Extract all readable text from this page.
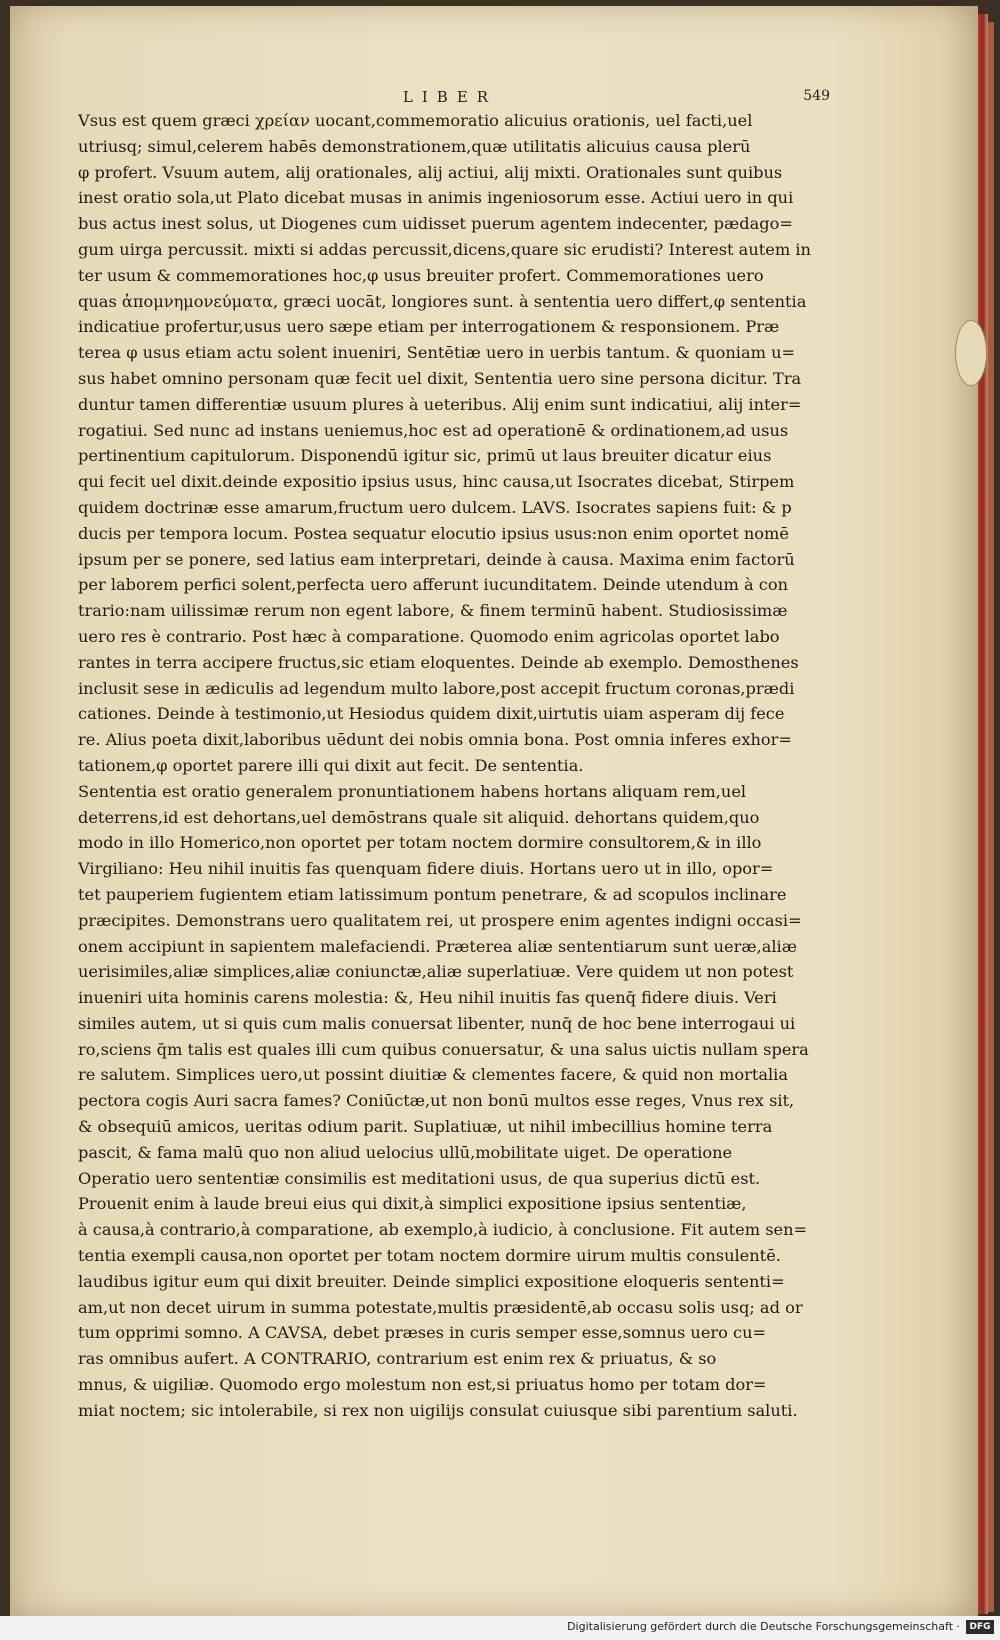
LIBER	549
Vsus est quem græci χρείαν uocant,commemoratio alicuius orationis, uel facti,uel
utriusq; simul,celerem habēs demonstrationem,quæ utilitatis alicuius causa plerū
φ profert. Vsuum autem, alij orationales, alij actiui, alij mixti. Orationales sunt quibus
inest oratio sola,ut Plato dicebat musas in animis ingeniosorum esse. Actiui uero in qui
bus actus inest solus, ut Diogenes cum uidisset puerum agentem indecenter, pædago=
gum uirga percussit. mixti si addas percussit,dicens,quare sic erudisti? Interest autem in
ter usum & commemorationes hoc,φ usus breuiter profert. Commemorationes uero
quas ἀπομνημονεύματα, græci uocāt, longiores sunt. à sententia uero differt,φ sententia
indicatiue profertur,usus uero sæpe etiam per interrogationem & responsionem. Præ
terea φ usus etiam actu solent inueniri, Sentētiæ uero in uerbis tantum. & quoniam u=
sus habet omnino personam quæ fecit uel dixit, Sententia uero sine persona dicitur. Tra
duntur tamen differentiæ usuum plures à ueteribus. Alij enim sunt indicatiui, alij inter=
rogatiui. Sed nunc ad instans ueniemus,hoc est ad operationē & ordinationem,ad usus
pertinentium capitulorum. Disponendū igitur sic, primū ut laus breuiter dicatur eius
qui fecit uel dixit.deinde expositio ipsius usus, hinc causa,ut Isocrates dicebat, Stirpem
quidem doctrinæ esse amarum,fructum uero dulcem. LAVS. Isocrates sapiens fuit: & p
ducis per tempora locum. Postea sequatur elocutio ipsius usus:non enim oportet nomē
ipsum per se ponere, sed latius eam interpretari, deinde à causa. Maxima enim factorū
per laborem perfici solent,perfecta uero afferunt iucunditatem. Deinde utendum à con
trario:nam uilissimæ rerum non egent labore, & finem terminū habent. Studiosissimæ
uero res è contrario. Post hæc à comparatione. Quomodo enim agricolas oportet labo
rantes in terra accipere fructus,sic etiam eloquentes. Deinde ab exemplo. Demosthenes
inclusit sese in ædiculis ad legendum multo labore,post accepit fructum coronas,prædi
cationes. Deinde à testimonio,ut Hesiodus quidem dixit,uirtutis uiam asperam dij fece
re. Alius poeta dixit,laboribus uēdunt dei nobis omnia bona. Post omnia inferes exhor=
tationem,φ oportet parere illi qui dixit aut fecit. De sententia.
Sententia est oratio generalem pronuntiationem habens hortans aliquam rem,uel
deterrens,id est dehortans,uel demōstrans quale sit aliquid. dehortans quidem,quo
modo in illo Homerico,non oportet per totam noctem dormire consultorem,& in illo
Virgiliano: Heu nihil inuitis fas quenquam fidere diuis. Hortans uero ut in illo, opor=
tet pauperiem fugientem etiam latissimum pontum penetrare, & ad scopulos inclinare
præcipites. Demonstrans uero qualitatem rei, ut prospere enim agentes indigni occasi=
onem accipiunt in sapientem malefaciendi. Præterea aliæ sententiarum sunt ueræ,aliæ
uerisimiles,aliæ simplices,aliæ coniunctæ,aliæ superlatiuæ. Vere quidem ut non potest
inueniri uita hominis carens molestia: &, Heu nihil inuitis fas quenq̄ fidere diuis. Veri
similes autem, ut si quis cum malis conuersat libenter, nunq̄ de hoc bene interrogaui ui
ro,sciens q̄m talis est quales illi cum quibus conuersatur, & una salus uictis nullam spera
re salutem. Simplices uero,ut possint diuitiæ & clementes facere, & quid non mortalia
pectora cogis Auri sacra fames? Coniūctæ,ut non bonū multos esse reges, Vnus rex sit,
& obsequiū amicos, ueritas odium parit. Suplatiuæ, ut nihil imbecillius homine terra
pascit, & fama malū quo non aliud uelocius ullū,mobilitate uiget. De operatione
Operatio uero sententiæ consimilis est meditationi usus, de qua superius dictū est.
Prouenit enim à laude breui eius qui dixit,à simplici expositione ipsius sententiæ,
à causa,à contrario,à comparatione, ab exemplo,à iudicio, à conclusione. Fit autem sen=
tentia exempli causa,non oportet per totam noctem dormire uirum multis consulentē.
laudibus igitur eum qui dixit breuiter. Deinde simplici expositione eloqueris sententi=
am,ut non decet uirum in summa potestate,multis præsidentē,ab occasu solis usq; ad or
tum opprimi somno. A CAVSA, debet præses in curis semper esse,somnus uero cu=
ras omnibus aufert. A CONTRARIO, contrarium est enim rex & priuatus, & so
mnus, & uigiliæ. Quomodo ergo molestum non est,si priuatus homo per totam dor=
miat noctem; sic intolerabile, si rex non uigilijs consulat cuiusque sibi parentium saluti.
Digitalisierung gefördert durch die Deutsche Forschungsgemeinschaft ·	DFG
